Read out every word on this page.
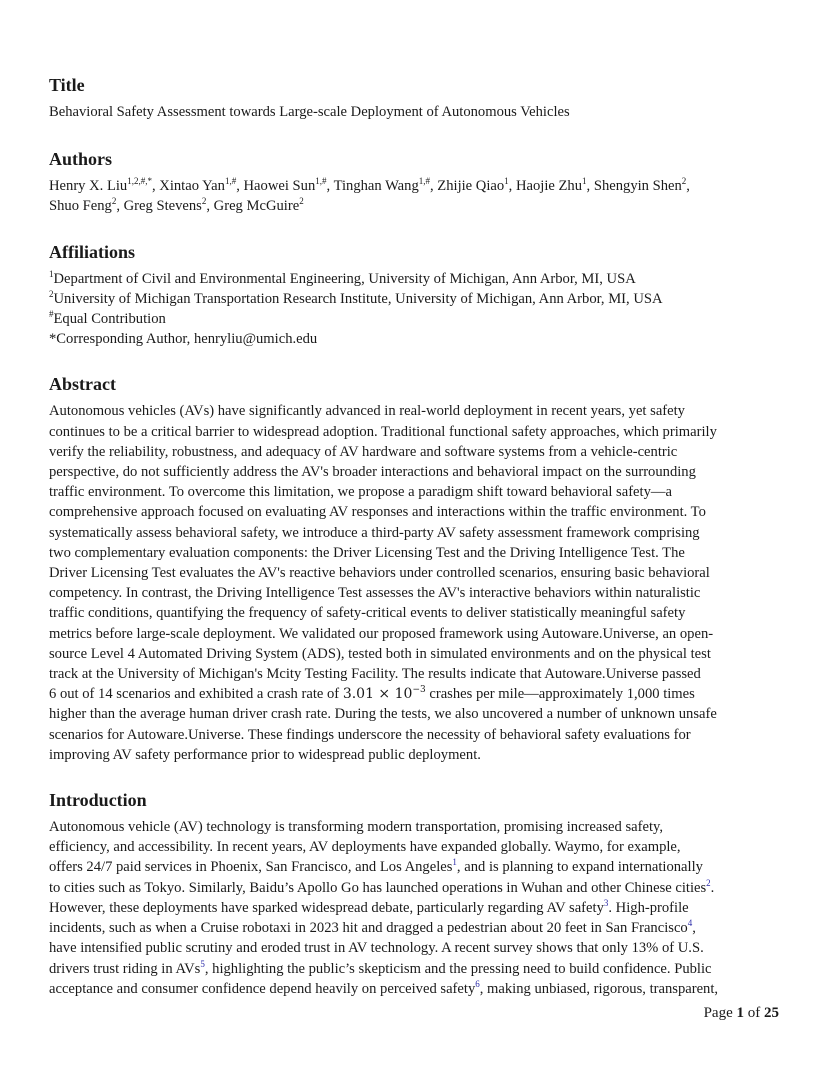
Title

Behavioral Safety Assessment towards Large-scale Deployment of Autonomous Vehicles

Authors
Henry X. Liu$^{1,2,\#,*}$, Xintao Yan$^{1,\#}$, Haowei Sun$^{1,\#}$, Tinghan Wang$^{1,\#}$, Zhijie Qiao$^1$, Haojie Zhu$^1$, Shengyin Shen$^2$,
Shuo Feng$^2$, Greg Stevens$^2$, Greg McGuire$^2$
Affiliations
$^1$Department of Civil and Environmental Engineering, University of Michigan, Ann Arbor, MI, USA
$^2$University of Michigan Transportation Research Institute, University of Michigan, Ann Arbor, MI, USA
#Equal Contribution
*Corresponding Author, henryliu@umich.edu
Abstract
Autonomous vehicles (AVs) have significantly advanced in real-world deployment in recent years, yet safety
continues to be a critical barrier to widespread adoption. Traditional functional safety approaches, which primarily
verify the reliability, robustness, and adequacy of AV hardware and software systems from a vehicle-centric
perspective, do not sufficiently address the AV's broader interactions and behavioral impact on the surrounding
traffic environment. To overcome this limitation, we propose a paradigm shift toward behavioral safety—a
comprehensive approach focused on evaluating AV responses and interactions within the traffic environment. To
systematically assess behavioral safety, we introduce a third-party AV safety assessment framework comprising
two complementary evaluation components: the Driver Licensing Test and the Driving Intelligence Test. The
Driver Licensing Test evaluates the AV's reactive behaviors under controlled scenarios, ensuring basic behavioral
competency. In contrast, the Driving Intelligence Test assesses the AV's interactive behaviors within naturalistic
traffic conditions, quantifying the frequency of safety-critical events to deliver statistically meaningful safety
metrics before large-scale deployment. We validated our proposed framework using Autoware.Universe, an open-
source Level 4 Automated Driving System (ADS), tested both in simulated environments and on the physical test
track at the University of Michigan's Mcity Testing Facility. The results indicate that Autoware.Universe passed
6 out of 14 scenarios and exhibited a crash rate of $3.01 \times 10^{-3}$ crashes per mile—approximately 1,000 times
higher than the average human driver crash rate. During the tests, we also uncovered a number of unknown unsafe
scenarios for Autoware.Universe. These findings underscore the necessity of behavioral safety evaluations for
improving AV safety performance prior to widespread public deployment.
Introduction
Autonomous vehicle (AV) technology is transforming modern transportation, promising increased safety,
efficiency, and accessibility. In recent years, AV deployments have expanded globally. Waymo, for example,
offers 24/7 paid services in Phoenix, San Francisco, and Los Angeles$^1$, and is planning to expand internationally
to cities such as Tokyo. Similarly, Baidu’s Apollo Go has launched operations in Wuhan and other Chinese cities$^2$.
However, these deployments have sparked widespread debate, particularly regarding AV safety$^3$. High-profile
incidents, such as when a Cruise robotaxi in 2023 hit and dragged a pedestrian about 20 feet in San Francisco$^4$,
have intensified public scrutiny and eroded trust in AV technology. A recent survey shows that only 13% of U.S.
drivers trust riding in AVs$^5$, highlighting the public’s skepticism and the pressing need to build confidence. Public
acceptance and consumer confidence depend heavily on perceived safety$^6$, making unbiased, rigorous, transparent,
Page 1 of 25
